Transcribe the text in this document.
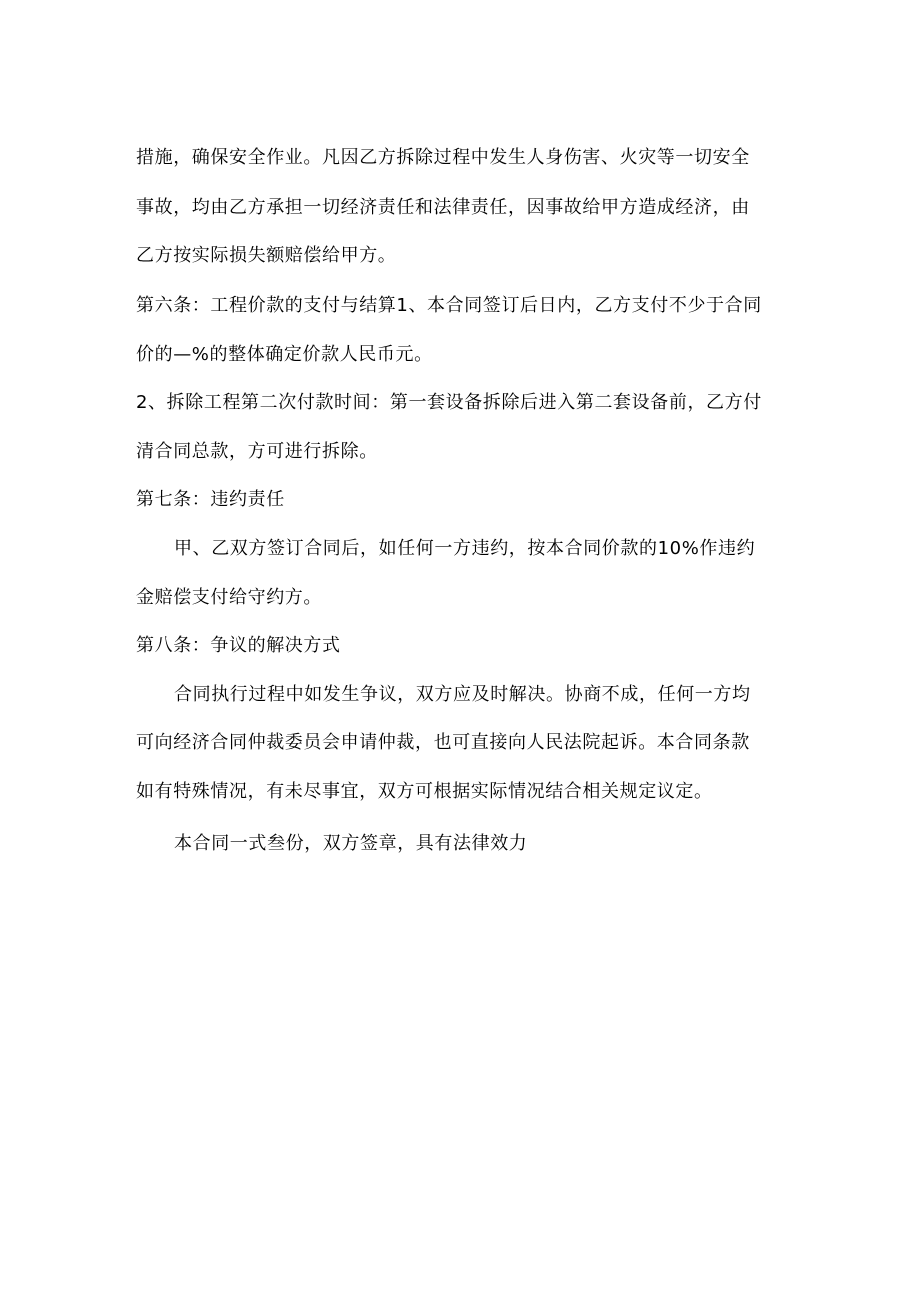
措施，确保安全作业。凡因乙方拆除过程中发生人身伤害、火灾等一切安全
事故，均由乙方承担一切经济责任和法律责任，因事故给甲方造成经济，由
乙方按实际损失额赔偿给甲方。
第六条：工程价款的支付与结算1、本合同签订后日内，乙方支付不少于合同
价的—%的整体确定价款人民币元。
2、拆除工程第二次付款时间：第一套设备拆除后进入第二套设备前，乙方付
清合同总款，方可进行拆除。
第七条：违约责任
甲、乙双方签订合同后，如任何一方违约，按本合同价款的10%作违约
金赔偿支付给守约方。
第八条：争议的解决方式
合同执行过程中如发生争议，双方应及时解决。协商不成，任何一方均
可向经济合同仲裁委员会申请仲裁，也可直接向人民法院起诉。本合同条款
如有特殊情况，有未尽事宜，双方可根据实际情况结合相关规定议定。
本合同一式叁份，双方签章，具有法律效力
